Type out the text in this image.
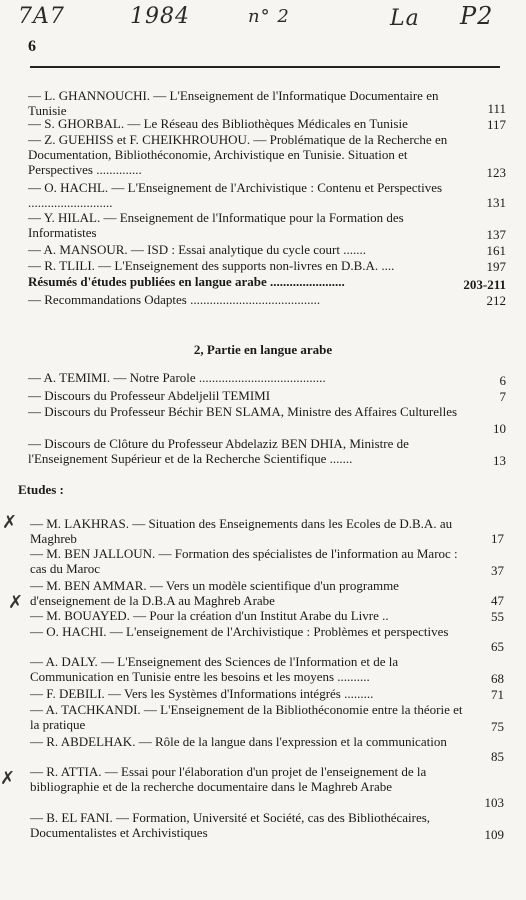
7A7	1984	n° 2	La P2
6
— L. GHANNOUCHI. — L'Enseignement de l'Informatique Documentaire en Tunisie	111
— S. GHORBAL. — Le Réseau des Bibliothèques Médicales en Tunisie	117
— Z. GUEHISS et F. CHEIKHROUHOU. — Problématique de la Recherche en Documentation, Bibliothéconomie, Archivistique en Tunisie. Situation et Perspectives ..............	123
— O. HACHL. — L'Enseignement de l'Archivistique : Contenu et Perspectives ..........................	131
— Y. HILAL. — Enseignement de l'Informatique pour la Formation des Informatistes	137
— A. MANSOUR. — ISD : Essai analytique du cycle court .......	161
— R. TLILI. — L'Enseignement des supports non-livres en D.B.A. ....	197
Résumés d'études publiées en langue arabe .......................	203-211
— Recommandations Odaptes ........................................	212
2, Partie en langue arabe
— A. TEMIMI. — Notre Parole .......................................	6
— Discours du Professeur Abdeljelil TEMIMI	7
— Discours du Professeur Béchir BEN SLAMA, Ministre des Affaires Culturelles
10
— Discours de Clôture du Professeur Abdelaziz BEN DHIA, Ministre de l'Enseignement Supérieur et de la Recherche Scientifique .......	13
Etudes :
✗
✗
✗
— M. LAKHRAS. — Situation des Enseignements dans les Ecoles de D.B.A. au Maghreb	17
— M. BEN JALLOUN. — Formation des spécialistes de l'information au Maroc : cas du Maroc	37
— M. BEN AMMAR. — Vers un modèle scientifique d'un programme d'enseignement de la D.B.A au Maghreb Arabe	47
— M. BOUAYED. — Pour la création d'un Institut Arabe du Livre ..	55
— O. HACHI. — L'enseignement de l'Archivistique : Problèmes et perspectives
65
— A. DALY. — L'Enseignement des Sciences de l'Information et de la Communication en Tunisie entre les besoins et les moyens ..........	68
— F. DEBILI. — Vers les Systèmes d'Informations intégrés .........	71
— A. TACHKANDI. — L'Enseignement de la Bibliothéconomie entre la théorie et la pratique	75
— R. ABDELHAK. — Rôle de la langue dans l'expression et la communication
85
— R. ATTIA. — Essai pour l'élaboration d'un projet de l'enseignement de la bibliographie et de la recherche documentaire dans le Maghreb Arabe
103
— B. EL FANI. — Formation, Université et Société, cas des Bibliothécaires, Documentalistes et Archivistiques	109
